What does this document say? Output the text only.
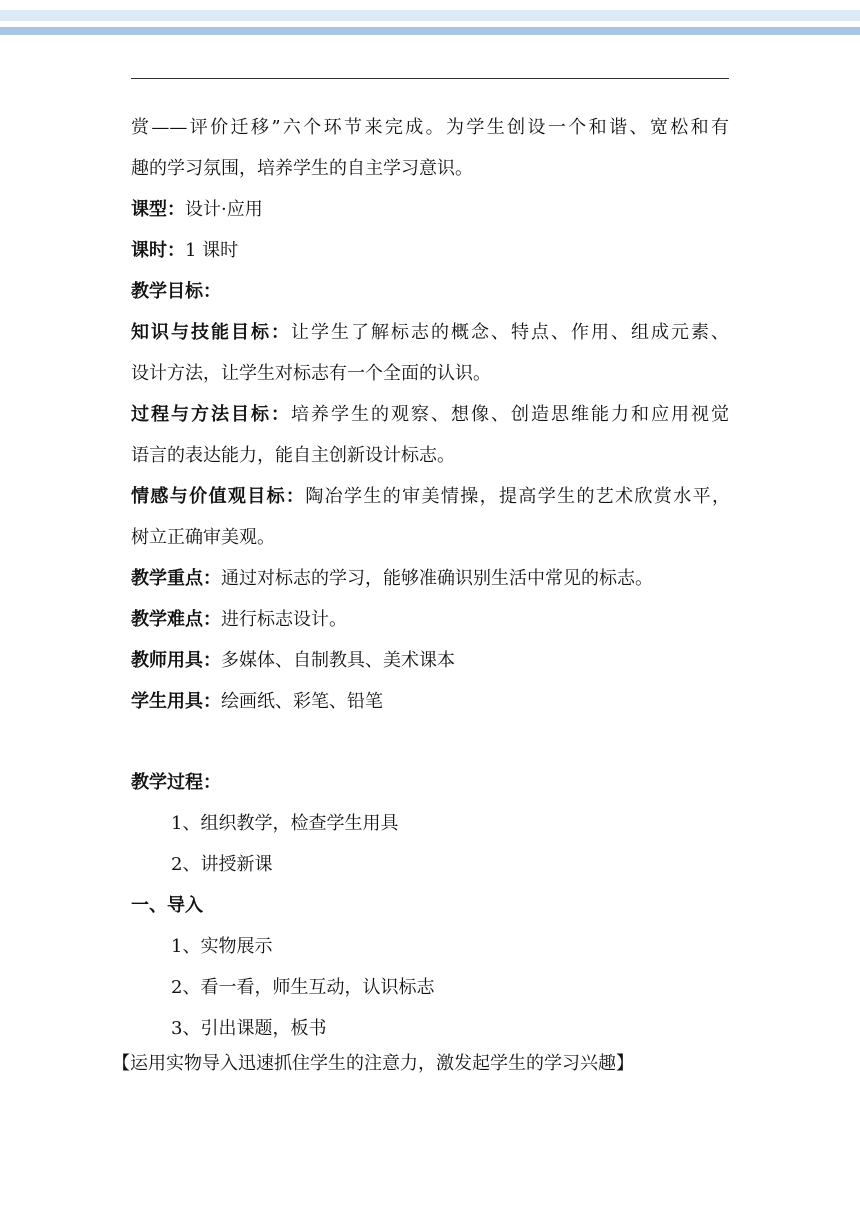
赏——评价迁移”六个环节来完成。为学生创设一个和谐、宽松和有
趣的学习氛围，培养学生的自主学习意识。
课型：设计·应用
课时：1 课时
教学目标：
知识与技能目标：让学生了解标志的概念、特点、作用、组成元素、
设计方法，让学生对标志有一个全面的认识。
过程与方法目标：培养学生的观察、想像、创造思维能力和应用视觉
语言的表达能力，能自主创新设计标志。
情感与价值观目标：陶冶学生的审美情操，提高学生的艺术欣赏水平，
树立正确审美观。
教学重点：通过对标志的学习，能够准确识别生活中常见的标志。
教学难点：进行标志设计。
教师用具：多媒体、自制教具、美术课本
学生用具：绘画纸、彩笔、铅笔
教学过程：
1、组织教学，检查学生用具
2、讲授新课
一、导入
1、实物展示
2、看一看，师生互动，认识标志
3、引出课题，板书
【运用实物导入迅速抓住学生的注意力，激发起学生的学习兴趣】
